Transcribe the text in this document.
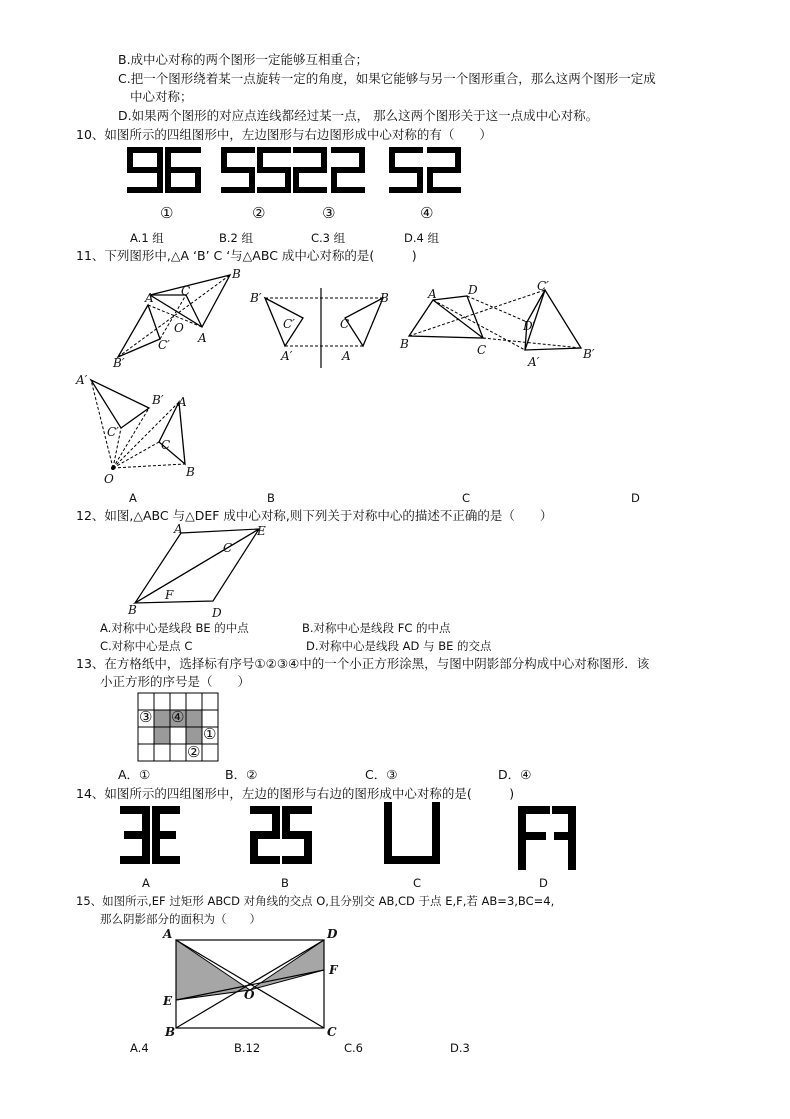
B.成中心对称的两个图形一定能够互相重合；
C.把一个图形绕着某一点旋转一定的角度，如果它能够与另一个图形重合，那么这两个图形一定成
中心对称；
D.如果两个图形的对应点连线都经过某一点， 那么这两个图形关于这一点成中心对称。
10、如图所示的四组图形中，左边图形与右边图形成中心对称的有（　　）
①	②	③	④
A.1 组	B.2 组	C.3 组	D.4 组
11、下列图形中,△A ‘B’ C ‘与△ABC 成中心对称的是(　　　)
A′ C
B
O
C′ A
B′
B′	B
C′	C
A′	A
A	D	C′
D′
B	C
A′
B′
A′
B′ A
C′
C
B
O
A	B	C	D
12、如图,△ABC 与△DEF 成中心对称,则下列关于对称中心的描述不正确的是（　　）
A
C
E
F
B	D
A.对称中心是线段 BE 的中点	B.对称中心是线段 FC 的中点
C.对称中心是点 C	D.对称中心是线段 AD 与 BE 的交点
13、在方格纸中，选择标有序号①②③④中的一个小正方形涂黑，与图中阴影部分构成中心对称图形．该
小正方形的序号是（　　）
③ ④
①
②
A．①	B．②	C．③	D．④
14、如图所示的四组图形中，左边的图形与右边的图形成中心对称的是(　　　)
A	B	C	D
15、如图所示,EF 过矩形 ABCD 对角线的交点 O,且分别交 AB,CD 于点 E,F,若 AB=3,BC=4,
那么阴影部分的面积为（　　）
A	D
F
E	O
B	C
A.4	B.12	C.6	D.3
